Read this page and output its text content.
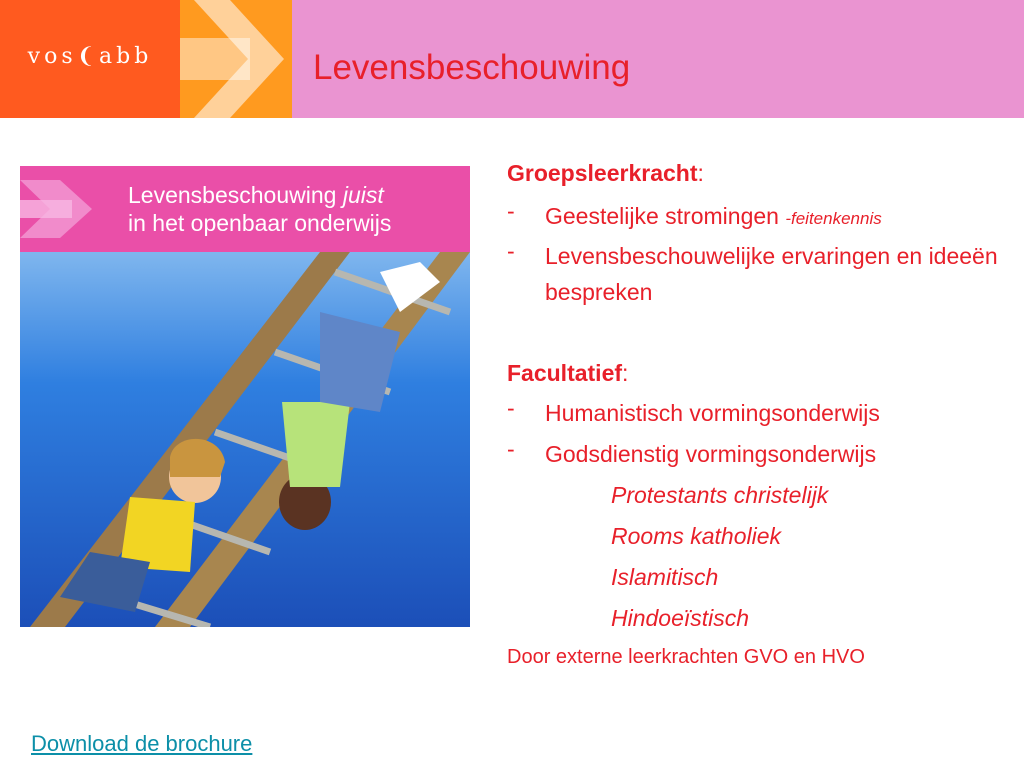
vos❨abb	Levensbeschouwing
Levensbeschouwing juist
in het openbaar onderwijs
Groepsleerkracht:
- Geestelijke stromingen -feitenkennis
- Levensbeschouwelijke ervaringen en ideeën bespreken
Facultatief:
- Humanistisch vormingsonderwijs
- Godsdienstig vormingsonderwijs
Protestants christelijk
Rooms katholiek
Islamitisch
Hindoeïstisch
Door externe leerkrachten GVO en HVO
Download de brochure
